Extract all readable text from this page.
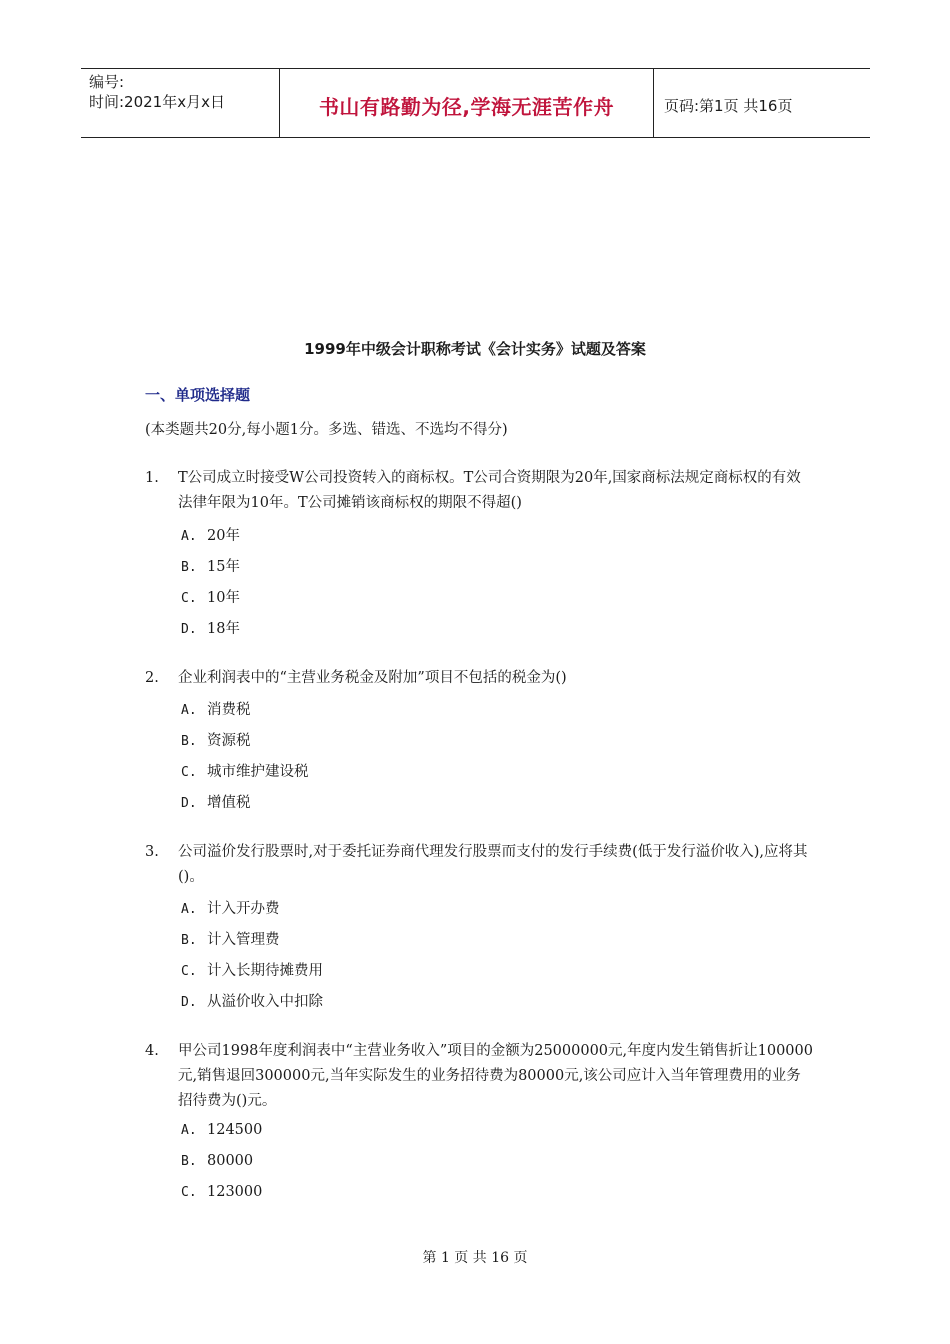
编号:
时间:2021年x月x日	书山有路勤为径,学海无涯苦作舟	页码:第1页 共16页
1999年中级会计职称考试《会计实务》试题及答案
一、单项选择题
(本类题共20分,每小题1分。多选、错选、不选均不得分)
1. T公司成立时接受W公司投资转入的商标权。T公司合资期限为20年,国家商标法规定商标权的有效法律年限为10年。T公司摊销该商标权的期限不得超()
A. 20年
B. 15年
C. 10年
D. 18年
2. 企业利润表中的“主营业务税金及附加”项目不包括的税金为()
A. 消费税
B. 资源税
C. 城市维护建设税
D. 增值税
3. 公司溢价发行股票时,对于委托证券商代理发行股票而支付的发行手续费(低于发行溢价收入),应将其()。
A. 计入开办费
B. 计入管理费
C. 计入长期待摊费用
D. 从溢价收入中扣除
4. 甲公司1998年度利润表中“主营业务收入”项目的金额为25000000元,年度内发生销售折让100000元,销售退回300000元,当年实际发生的业务招待费为80000元,该公司应计入当年管理费用的业务招待费为()元。
A. 124500
B. 80000
C. 123000
第 1 页 共 16 页
